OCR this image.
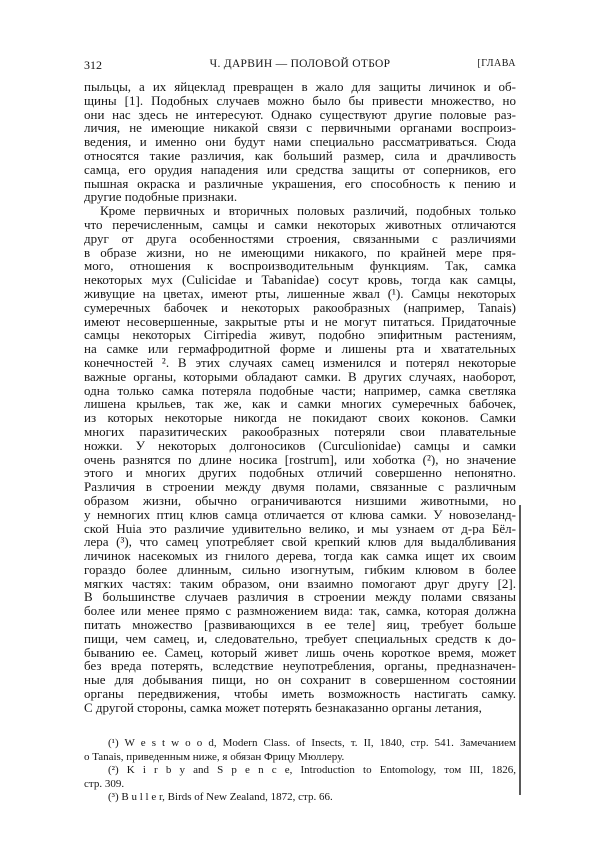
312	Ч. ДАРВИН — ПОЛОВОЙ ОТБОР	[ГЛАВА
пыльцы, а их яйцеклад превращен в жало для защиты личинок и об-
щины [1]. Подобных случаев можно было бы привести множество, но
они нас здесь не интересуют. Однако существуют другие половые раз-
личия, не имеющие никакой связи с первичными органами воспроиз-
ведения, и именно они будут нами специально рассматриваться. Сюда
относятся такие различия, как больший размер, сила и драчливость
самца, его орудия нападения или средства защиты от соперников, его
пышная окраска и различные украшения, его способность к пению и
другие подобные признаки.
Кроме первичных и вторичных половых различий, подобных только
что перечисленным, самцы и самки некоторых животных отличаются
друг от друга особенностями строения, связанными с различиями
в образе жизни, но не имеющими никакого, по крайней мере пря-
мого, отношения к воспроизводительным функциям. Так, самка
некоторых мух (Culicidae и Tabanidae) сосут кровь, тогда как самцы,
живущие на цветах, имеют рты, лишенные жвал (¹). Самцы некоторых
сумеречных бабочек и некоторых ракообразных (например, Tanais)
имеют несовершенные, закрытые рты и не могут питаться. Придаточные
самцы некоторых Cirripedia живут, подобно эпифитным растениям,
на самке или гермафродитной форме и лишены рта и хватательных
конечностей ². В этих случаях самец изменился и потерял некоторые
важные органы, которыми обладают самки. В других случаях, наоборот,
одна только самка потеряла подобные части; например, самка светляка
лишена крыльев, так же, как и самки многих сумеречных бабочек,
из которых некоторые никогда не покидают своих коконов. Самки
многих паразитических ракообразных потеряли свои плавательные
ножки. У некоторых долгоносиков (Curculionidae) самцы и самки
очень разнятся по длине носика [rostrum], или хоботка (²), но значение
этого и многих других подобных отличий совершенно непонятно.
Различия в строении между двумя полами, связанные с различным
образом жизни, обычно ограничиваются низшими животными, но
у немногих птиц клюв самца отличается от клюва самки. У новозеланд-
ской Huia это различие удивительно велико, и мы узнаем от д-ра Бёл-
лера (³), что самец употребляет свой крепкий клюв для выдалбливания
личинок насекомых из гнилого дерева, тогда как самка ищет их своим
гораздо более длинным, сильно изогнутым, гибким клювом в более
мягких частях: таким образом, они взаимно помогают друг другу [2].
В большинстве случаев различия в строении между полами связаны
более или менее прямо с размножением вида: так, самка, которая должна
питать множество [развивающихся в ее теле] яиц, требует больше
пищи, чем самец, и, следовательно, требует специальных средств к до-
быванию ее. Самец, который живет лишь очень короткое время, может
без вреда потерять, вследствие неупотребления, органы, предназначен-
ные для добывания пищи, но он сохранит в совершенном состоянии
органы передвижения, чтобы иметь возможность настигать самку.
С другой стороны, самка может потерять безнаказанно органы летания,
(¹) W e s t w o o d, Modern Class. of Insects, т. II, 1840, стр. 541. Замечанием
о Tanais, приведенным ниже, я обязан Фрицу Мюллеру.
(²) K i r b y and S p e n c e, Introduction to Entomology, том III, 1826,
стр. 309.
(³) B u l l e r, Birds of New Zealand, 1872, стр. 66.
